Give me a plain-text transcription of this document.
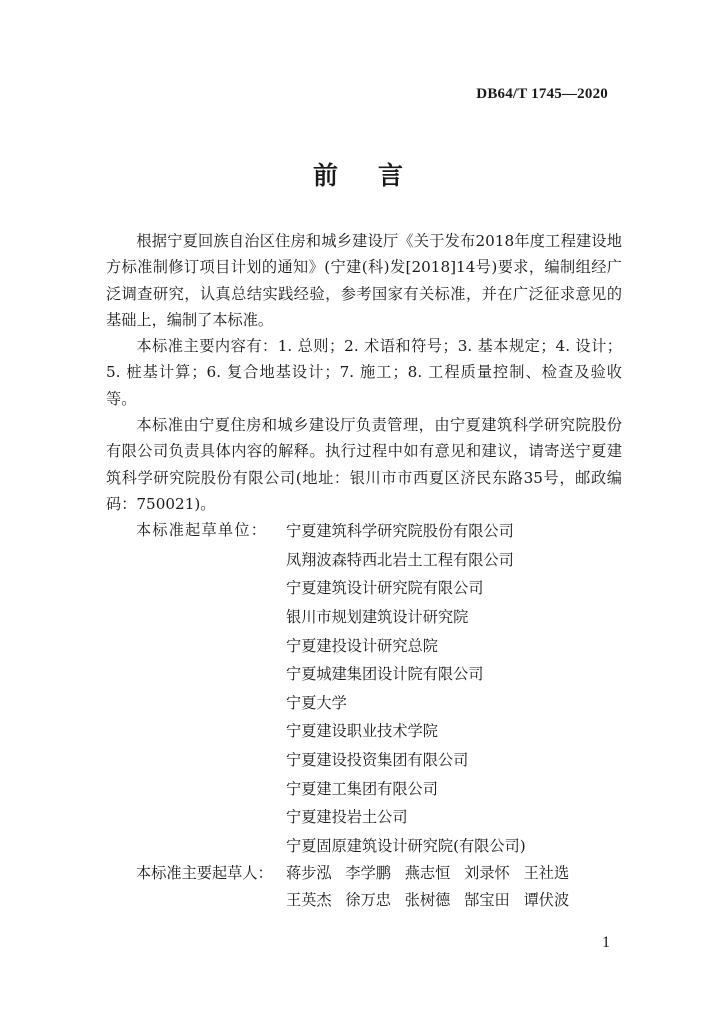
DB64/T 1745—2020
前言

根据宁夏回族自治区住房和城乡建设厅《关于发布2018年度工程建设地方标准制修订项目计划的通知》(宁建(科)发[2018]14号)要求，编制组经广泛调查研究，认真总结实践经验，参考国家有关标准，并在广泛征求意见的基础上，编制了本标准。

本标准主要内容有：1. 总则；2. 术语和符号；3. 基本规定；4. 设计；5. 桩基计算；6. 复合地基设计；7. 施工；8. 工程质量控制、检查及验收等。

本标准由宁夏住房和城乡建设厅负责管理，由宁夏建筑科学研究院股份有限公司负责具体内容的解释。执行过程中如有意见和建议，请寄送宁夏建筑科学研究院股份有限公司(地址：银川市市西夏区济民东路35号，邮政编码：750021)。

本标准起草单位：	宁夏建筑科学研究院股份有限公司
凤翔波森特西北岩土工程有限公司
宁夏建筑设计研究院有限公司
银川市规划建筑设计研究院
宁夏建投设计研究总院
宁夏城建集团设计院有限公司
宁夏大学
宁夏建设职业技术学院
宁夏建设投资集团有限公司
宁夏建工集团有限公司
宁夏建投岩土公司
宁夏固原建筑设计研究院(有限公司)
本标准主要起草人： 蒋步泓 李学鹏 燕志恒 刘录怀 王社选
王英杰 徐万忠 张树德 郜宝田 谭伏波
1
